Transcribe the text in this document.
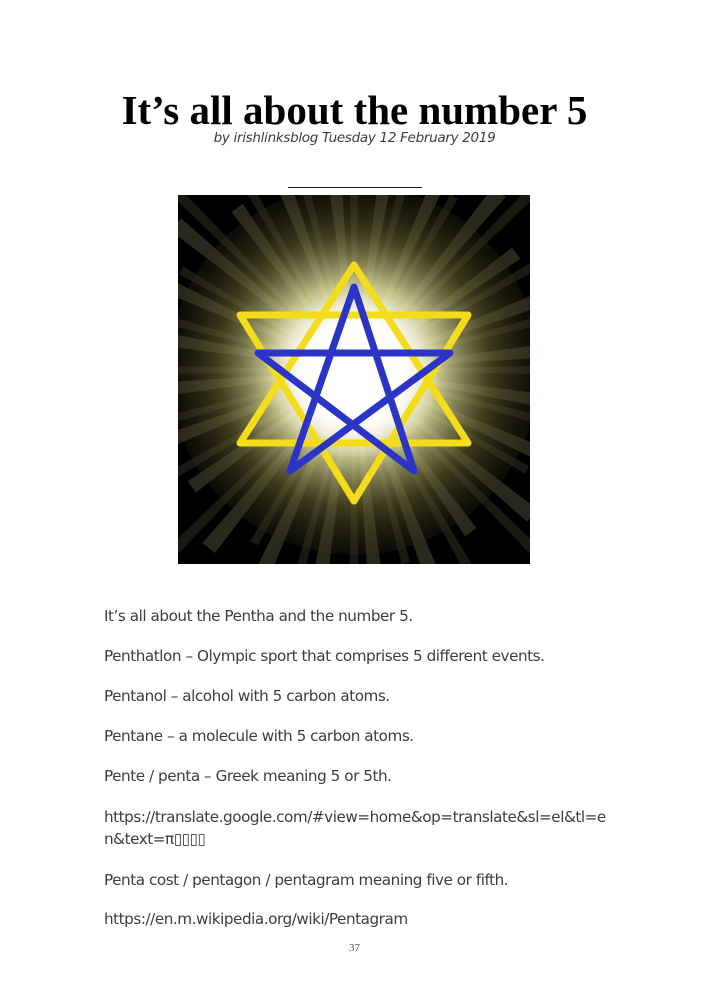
It’s all about the number 5
by irishlinksblog Tuesday 12 February 2019

It’s all about the Pentha and the number 5.

Penthatlon – Olympic sport that comprises 5 different events.

Pentanol – alcohol with 5 carbon atoms.

Pentane – a molecule with 5 carbon atoms.

Pente / penta – Greek meaning 5 or 5th.

https://translate.google.com/#view=home&op=translate&sl=el&tl=en&text=π▯▯▯▯

Penta cost / pentagon / pentagram meaning five or fifth.

https://en.m.wikipedia.org/wiki/Pentagram

37
